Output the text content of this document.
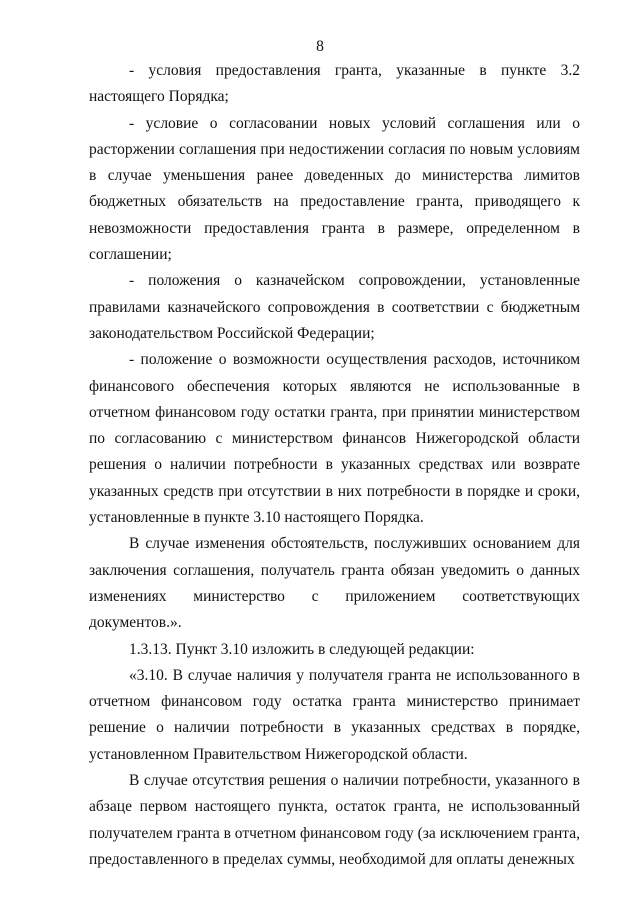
8

- условия предоставления гранта, указанные в пункте 3.2 настоящего Порядка;

- условие о согласовании новых условий соглашения или о расторжении соглашения при недостижении согласия по новым условиям в случае уменьшения ранее доведенных до министерства лимитов бюджетных обязательств на предоставление гранта, приводящего к невозможности предоставления гранта в размере, определенном в соглашении;

- положения о казначейском сопровождении, установленные правилами казначейского сопровождения в соответствии с бюджетным законодательством Российской Федерации;

- положение о возможности осуществления расходов, источником финансового обеспечения которых являются не использованные в отчетном финансовом году остатки гранта, при принятии министерством по согласованию с министерством финансов Нижегородской области решения о наличии потребности в указанных средствах или возврате указанных средств при отсутствии в них потребности в порядке и сроки, установленные в пункте 3.10 настоящего Порядка.

В случае изменения обстоятельств, послуживших основанием для заключения соглашения, получатель гранта обязан уведомить о данных изменениях министерство с приложением соответствующих документов.».

1.3.13. Пункт 3.10 изложить в следующей редакции:

«3.10. В случае наличия у получателя гранта не использованного в отчетном финансовом году остатка гранта министерство принимает решение о наличии потребности в указанных средствах в порядке, установленном Правительством Нижегородской области.

В случае отсутствия решения о наличии потребности, указанного в абзаце первом настоящего пункта, остаток гранта, не использованный получателем гранта в отчетном финансовом году (за исключением гранта, предоставленного в пределах суммы, необходимой для оплаты денежных
